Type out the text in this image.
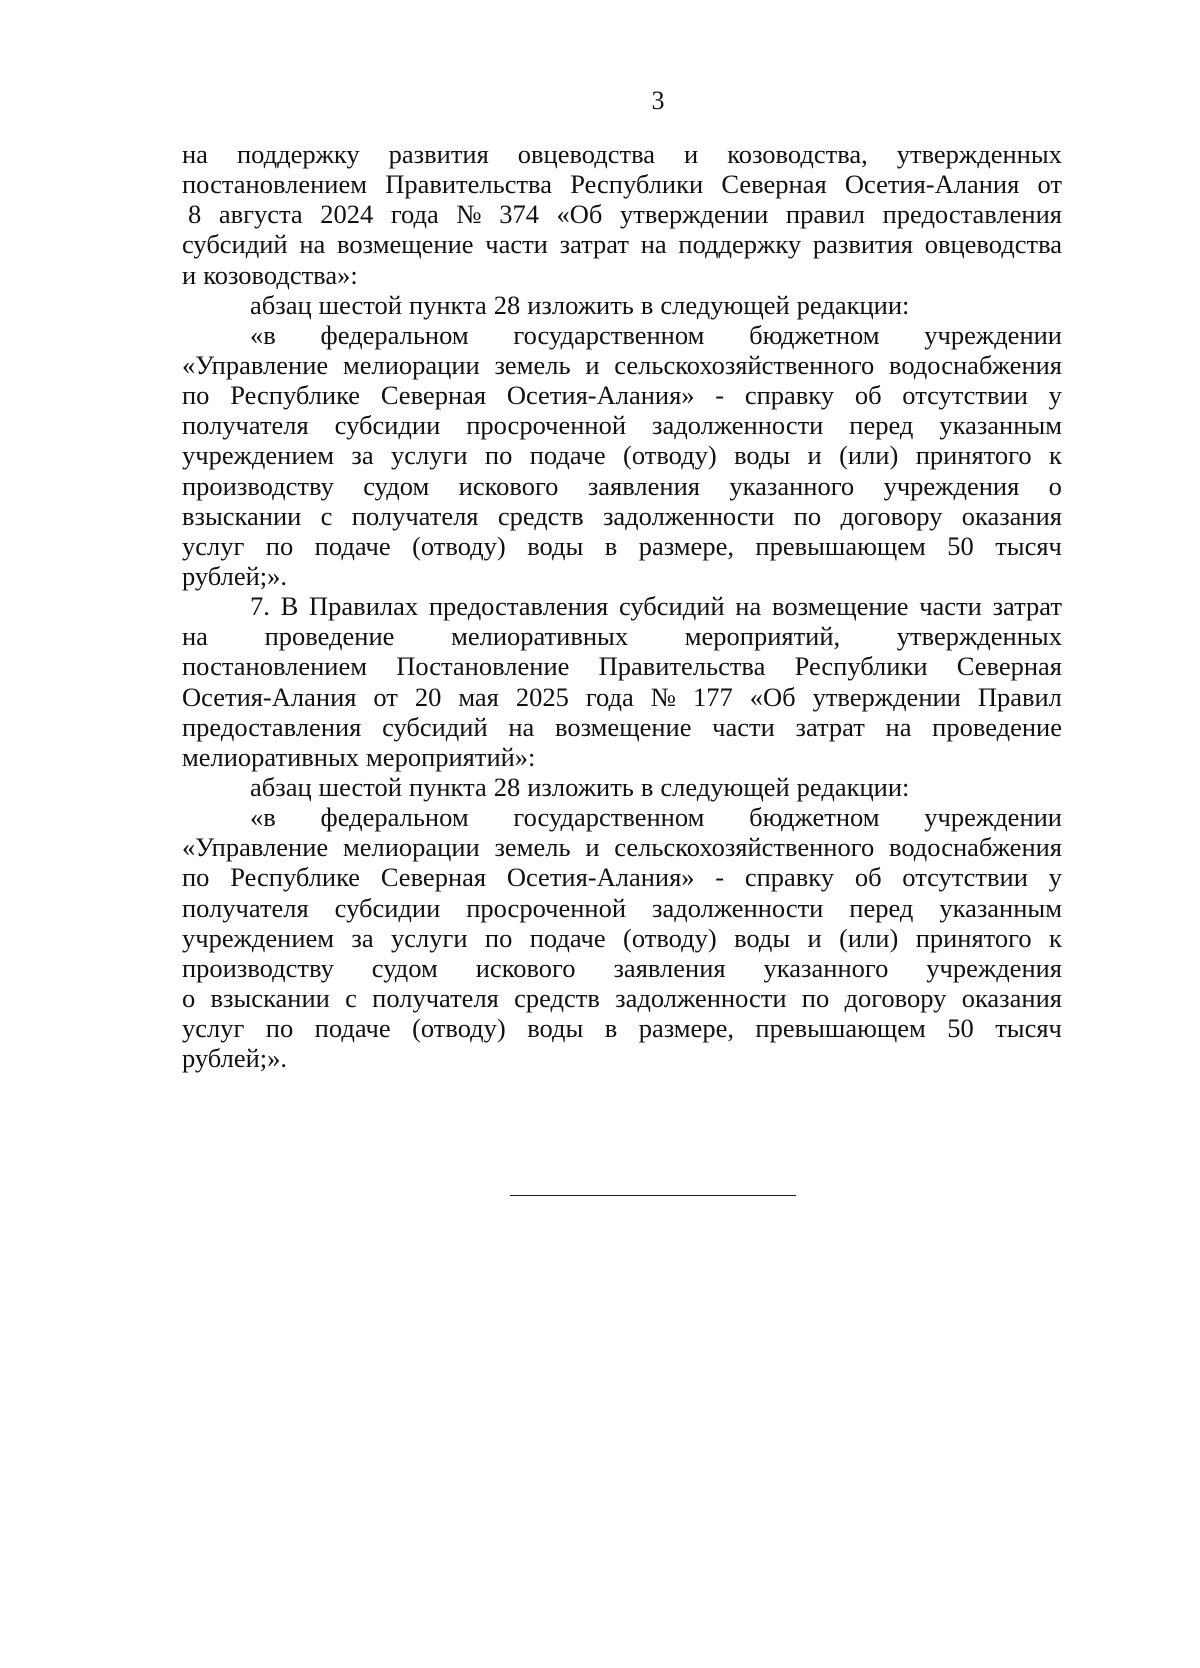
3
на поддержку развития овцеводства и козоводства, утвержденных
постановлением Правительства Республики Северная Осетия-Алания от
8 августа 2024 года № 374 «Об утверждении правил предоставления
субсидий на возмещение части затрат на поддержку развития овцеводства
и козоводства»:
абзац шестой пункта 28 изложить в следующей редакции:
«в федеральном государственном бюджетном учреждении
«Управление мелиорации земель и сельскохозяйственного водоснабжения
по Республике Северная Осетия-Алания» - справку об отсутствии у
получателя субсидии просроченной задолженности перед указанным
учреждением за услуги по подаче (отводу) воды и (или) принятого к
производству судом искового заявления указанного учреждения о
взыскании с получателя средств задолженности по договору оказания
услуг по подаче (отводу) воды в размере, превышающем 50 тысяч
рублей;».
7. В Правилах предоставления субсидий на возмещение части затрат
на проведение мелиоративных мероприятий, утвержденных
постановлением Постановление Правительства Республики Северная
Осетия-Алания от 20 мая 2025 года № 177 «Об утверждении Правил
предоставления субсидий на возмещение части затрат на проведение
мелиоративных мероприятий»:
абзац шестой пункта 28 изложить в следующей редакции:
«в федеральном государственном бюджетном учреждении
«Управление мелиорации земель и сельскохозяйственного водоснабжения
по Республике Северная Осетия-Алания» - справку об отсутствии у
получателя субсидии просроченной задолженности перед указанным
учреждением за услуги по подаче (отводу) воды и (или) принятого к
производству судом искового заявления указанного учреждения
о взыскании с получателя средств задолженности по договору оказания
услуг по подаче (отводу) воды в размере, превышающем 50 тысяч
рублей;».
